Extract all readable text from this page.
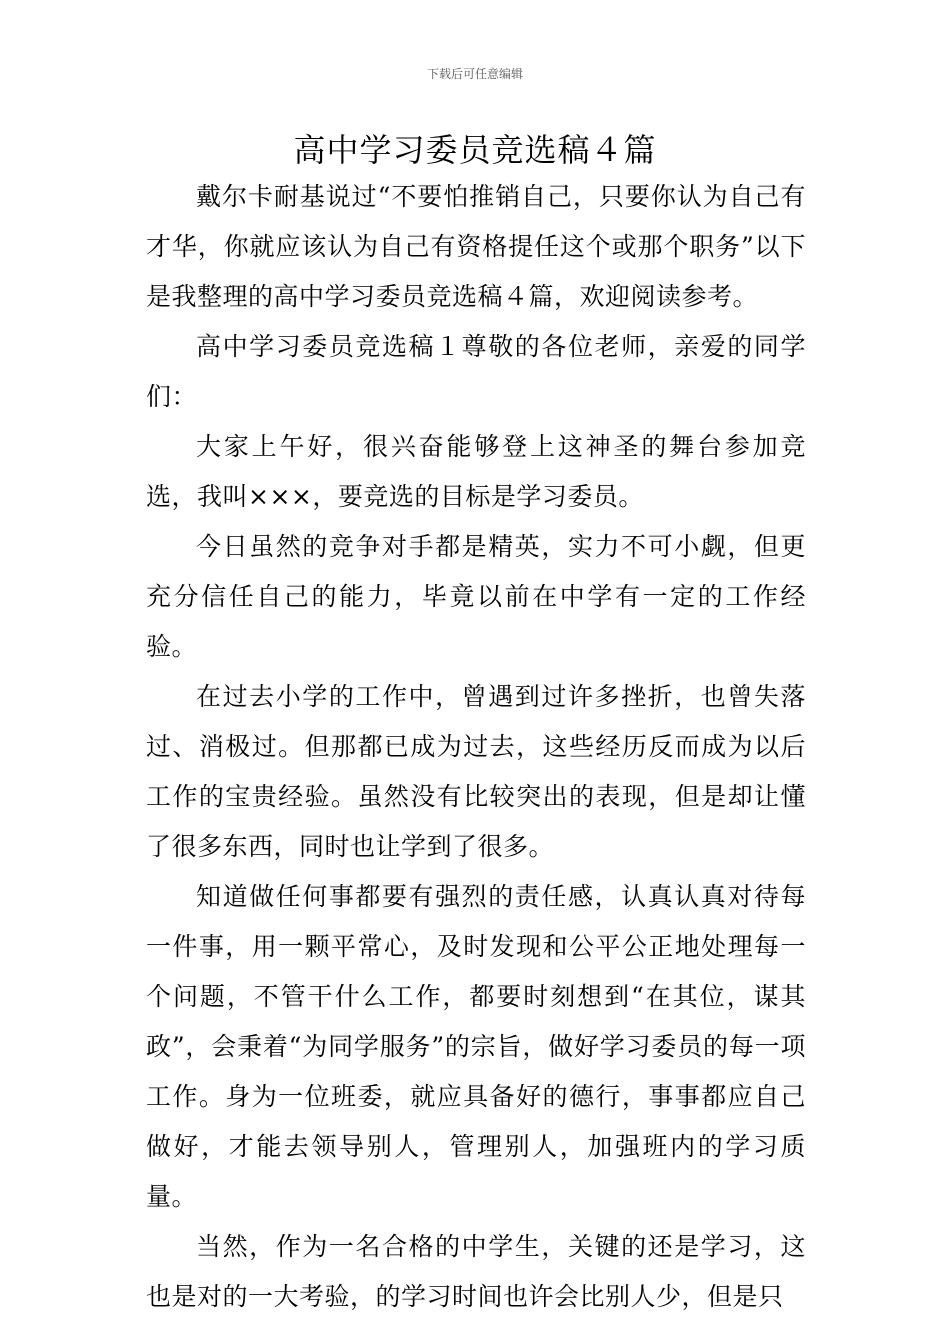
下载后可任意编辑
高中学习委员竞选稿４篇

戴尔卡耐基说过“不要怕推销自己，只要你认为自己有才华，你就应该认为自己有资格提任这个或那个职务”以下是我整理的高中学习委员竞选稿４篇，欢迎阅读参考。

高中学习委员竞选稿１尊敬的各位老师，亲爱的同学们：

大家上午好，很兴奋能够登上这神圣的舞台参加竞选，我叫×××，要竞选的目标是学习委员。

今日虽然的竞争对手都是精英，实力不可小觑，但更充分信任自己的能力，毕竟以前在中学有一定的工作经验。

在过去小学的工作中，曾遇到过许多挫折，也曾失落过、消极过。但那都已成为过去，这些经历反而成为以后工作的宝贵经验。虽然没有比较突出的表现，但是却让懂了很多东西，同时也让学到了很多。

知道做任何事都要有强烈的责任感，认真认真对待每一件事，用一颗平常心，及时发现和公平公正地处理每一个问题，不管干什么工作，都要时刻想到“在其位，谋其政”，会秉着“为同学服务”的宗旨，做好学习委员的每一项工作。身为一位班委，就应具备好的德行，事事都应自己做好，才能去领导别人，管理别人，加强班内的学习质量。

当然，作为一名合格的中学生，关键的还是学习，这也是对的一大考验，的学习时间也许会比别人少，但是只
